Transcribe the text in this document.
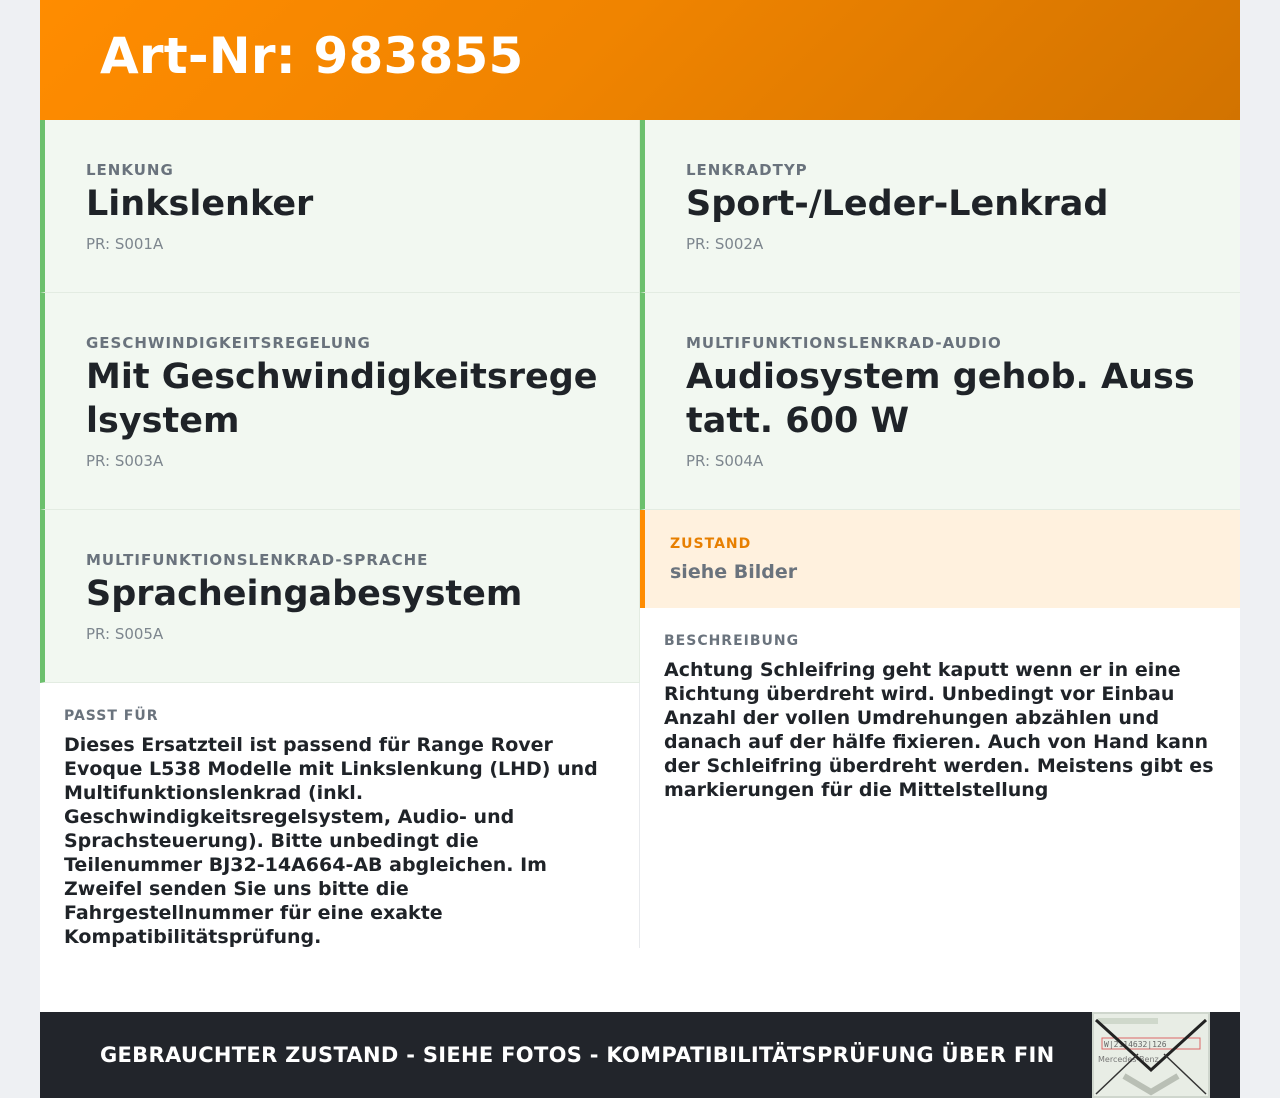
Art-Nr: 983855
LENKUNG
Linkslenker
PR: S001A
GESCHWINDIGKEITSREGELUNG
Mit Geschwindigkeitsregelsystem
PR: S003A
MULTIFUNKTIONSLENKRAD-SPRACHE
Spracheingabesystem
PR: S005A
PASST FÜR
Dieses Ersatzteil ist passend für Range Rover Evoque L538 Modelle mit Linkslenkung (LHD) und Multifunktionslenkrad (inkl. Geschwindigkeitsregelsystem, Audio- und Sprachsteuerung). Bitte unbedingt die Teilenummer BJ32-14A664-AB abgleichen. Im Zweifel senden Sie uns bitte die Fahrgestellnummer für eine exakte Kompatibilitätsprüfung.
LENKRADTYP
Sport-/Leder-Lenkrad
PR: S002A
MULTIFUNKTIONSLENKRAD-AUDIO
Audiosystem gehob. Ausstatt. 600 W
PR: S004A
ZUSTAND
siehe Bilder
BESCHREIBUNG
Achtung Schleifring geht kaputt wenn er in eine Richtung überdreht wird. Unbedingt vor Einbau Anzahl der vollen Umdrehungen abzählen und danach auf der hälfe fixieren. Auch von Hand kann der Schleifring überdreht werden. Meistens gibt es markierungen für die Mittelstellung
GEBRAUCHTER ZUSTAND - SIEHE FOTOS - KOMPATIBILITÄTSPRÜFUNG ÜBER FIN	W|2114632|126
Mercedes-Benz
